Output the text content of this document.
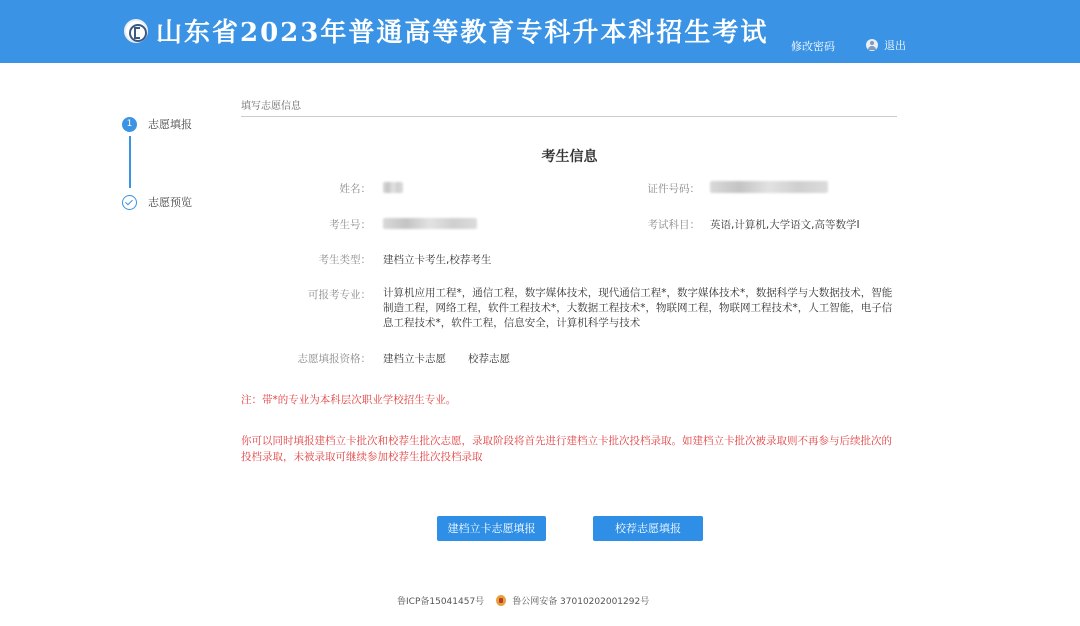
山东省2023年普通高等教育专科升本科招生考试 修改密码	退出
1	志愿填报
志愿预览
填写志愿信息
考生信息
姓名：	证件号码：
考生号：	考试科目： 英语,计算机,大学语文,高等数学I
考生类型： 建档立卡考生,校荐考生
可报考专业： 计算机应用工程*，通信工程，数字媒体技术，现代通信工程*，数字媒体技术*，数据科学与大数据技术，智能制造工程，网络工程，软件工程技术*，大数据工程技术*，物联网工程，物联网工程技术*，人工智能，电子信息工程技术*，软件工程，信息安全，计算机科学与技术
志愿填报资格： 建档立卡志愿 校荐志愿
注：带*的专业为本科层次职业学校招生专业。
你可以同时填报建档立卡批次和校荐生批次志愿，录取阶段将首先进行建档立卡批次投档录取。如建档立卡批次被录取则不再参与后续批次的投档录取，未被录取可继续参加校荐生批次投档录取
建档立卡志愿填报	校荐志愿填报
鲁ICP备15041457号	鲁公网安备 37010202001292号
